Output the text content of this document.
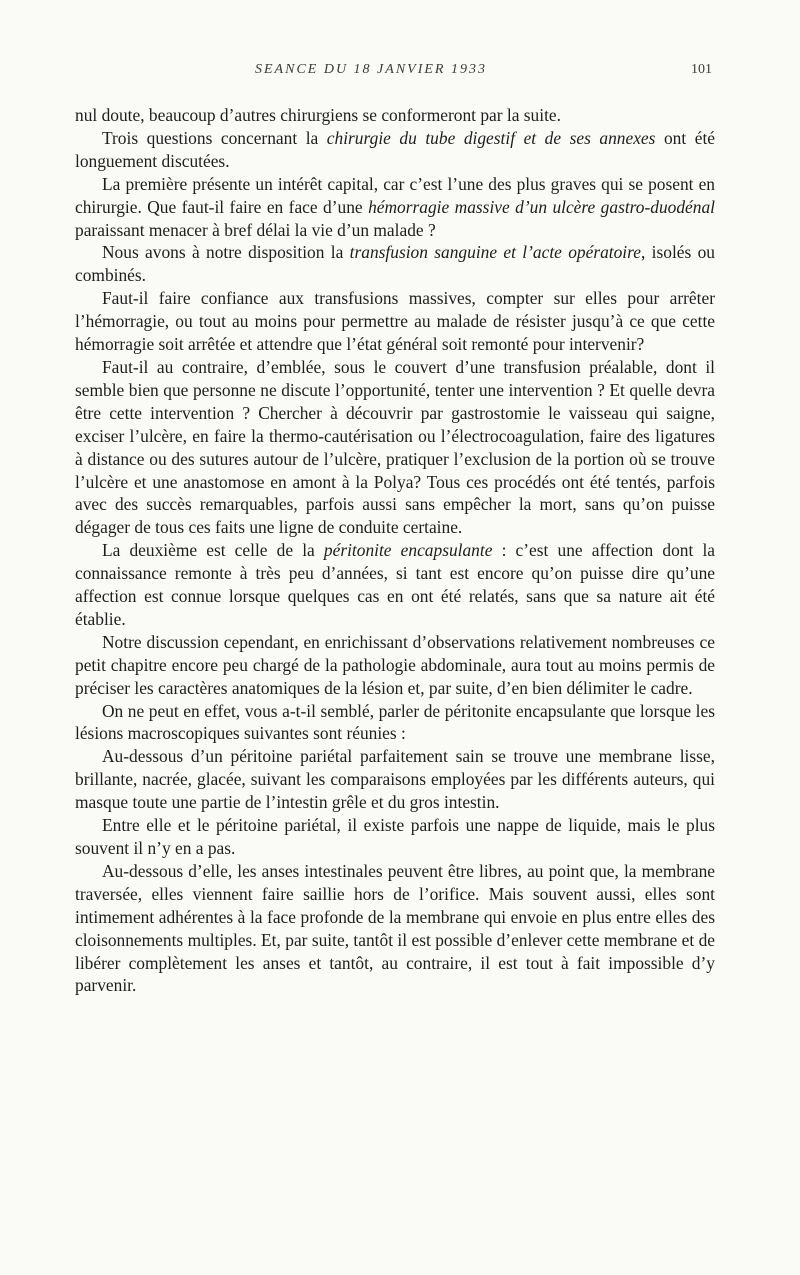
SEANCE DU 18 JANVIER 1933	101

nul doute, beaucoup d’autres chirurgiens se conformeront par la suite.

Trois questions concernant la chirurgie du tube digestif et de ses annexes ont été longuement discutées.

La première présente un intérêt capital, car c’est l’une des plus graves qui se posent en chirurgie. Que faut-il faire en face d’une hémorragie massive d’un ulcère gastro-duodénal paraissant menacer à bref délai la vie d’un malade ?

Nous avons à notre disposition la transfusion sanguine et l’acte opératoire, isolés ou combinés.

Faut-il faire confiance aux transfusions massives, compter sur elles pour arrêter l’hémorragie, ou tout au moins pour permettre au malade de résister jusqu’à ce que cette hémorragie soit arrêtée et attendre que l’état général soit remonté pour intervenir?

Faut-il au contraire, d’emblée, sous le couvert d’une transfusion préalable, dont il semble bien que personne ne discute l’opportunité, tenter une intervention ? Et quelle devra être cette intervention ? Chercher à découvrir par gastrostomie le vaisseau qui saigne, exciser l’ulcère, en faire la thermo-cautérisation ou l’électrocoagulation, faire des ligatures à distance ou des sutures autour de l’ulcère, pratiquer l’exclusion de la portion où se trouve l’ulcère et une anastomose en amont à la Polya? Tous ces procédés ont été tentés, parfois avec des succès remarquables, parfois aussi sans empêcher la mort, sans qu’on puisse dégager de tous ces faits une ligne de conduite certaine.

La deuxième est celle de la péritonite encapsulante : c’est une affection dont la connaissance remonte à très peu d’années, si tant est encore qu’on puisse dire qu’une affection est connue lorsque quelques cas en ont été relatés, sans que sa nature ait été établie.

Notre discussion cependant, en enrichissant d’observations relativement nombreuses ce petit chapitre encore peu chargé de la pathologie abdominale, aura tout au moins permis de préciser les caractères anatomiques de la lésion et, par suite, d’en bien délimiter le cadre.

On ne peut en effet, vous a-t-il semblé, parler de péritonite encapsulante que lorsque les lésions macroscopiques suivantes sont réunies :

Au-dessous d’un péritoine pariétal parfaitement sain se trouve une membrane lisse, brillante, nacrée, glacée, suivant les comparaisons employées par les différents auteurs, qui masque toute une partie de l’intestin grêle et du gros intestin.

Entre elle et le péritoine pariétal, il existe parfois une nappe de liquide, mais le plus souvent il n’y en a pas.

Au-dessous d’elle, les anses intestinales peuvent être libres, au point que, la membrane traversée, elles viennent faire saillie hors de l’orifice. Mais souvent aussi, elles sont intimement adhérentes à la face profonde de la membrane qui envoie en plus entre elles des cloisonnements multiples. Et, par suite, tantôt il est possible d’enlever cette membrane et de libérer complètement les anses et tantôt, au contraire, il est tout à fait impossible d’y parvenir.
